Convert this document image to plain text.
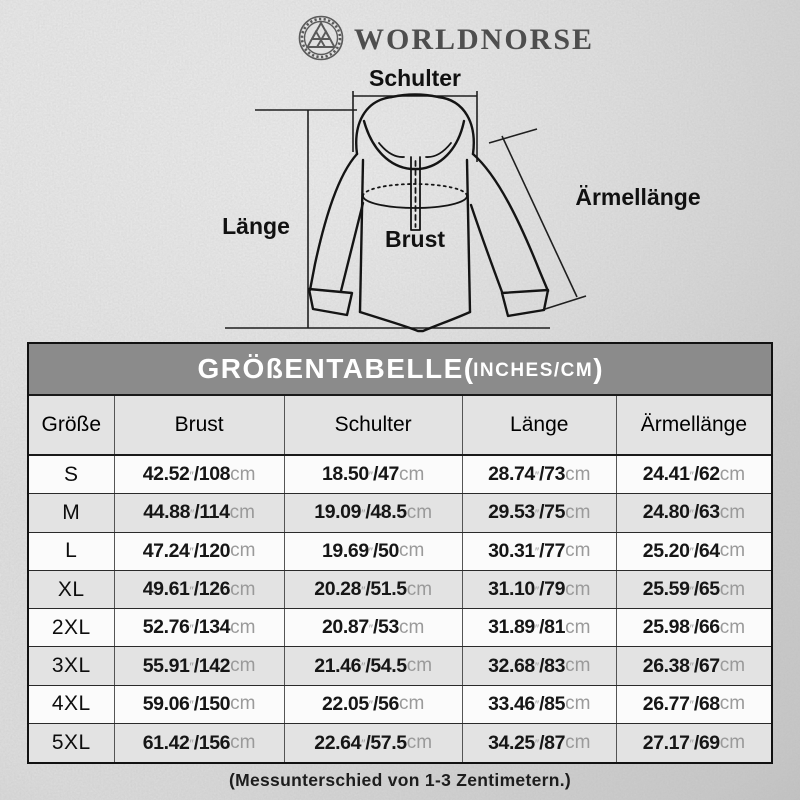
WORLDNORSE
Schulter
Länge	Brust
Ärmellänge
GRÖßENTABELLE ( INCHES/CM )
Größe	Brust	Schulter	Länge	Ärmellänge
S	42.52 ″ /108 cm	18.50 ″ /47 cm	28.74 ″ /73 cm	24.41 ″ /62 cm
M	44.88 ″ /114 cm	19.09 ″ /48.5 cm	29.53 ″ /75 cm	24.80 ″ /63 cm
L	47.24 ″ /120 cm	19.69 ″ /50 cm	30.31 ″ /77 cm	25.20 ″ /64 cm
XL	49.61 ″ /126 cm	20.28 ″ /51.5 cm	31.10 ″ /79 cm	25.59 ″ /65 cm
2XL	52.76 ″ /134 cm	20.87 ″ /53 cm	31.89 ″ /81 cm	25.98 ″ /66 cm
3XL	55.91 ″ /142 cm	21.46 ″ /54.5 cm	32.68 ″ /83 cm	26.38 ″ /67 cm
4XL	59.06 ″ /150 cm	22.05 ″ /56 cm	33.46 ″ /85 cm	26.77 ″ /68 cm
5XL	61.42 ″ /156 cm	22.64 ″ /57.5 cm	34.25 ″ /87 cm	27.17 ″ /69 cm
(Messunterschied von 1-3 Zentimetern.)
